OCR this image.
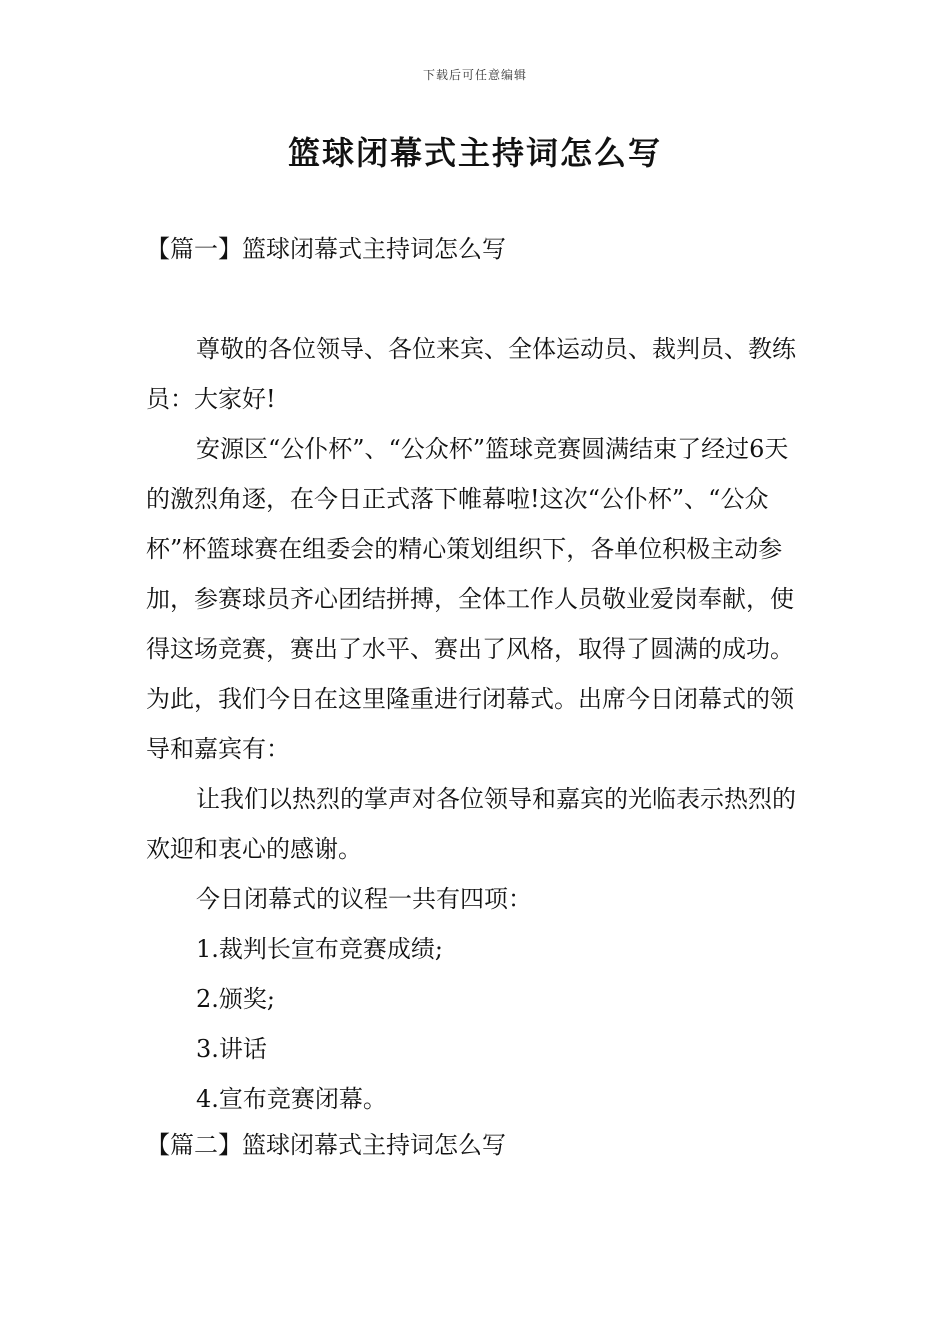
下载后可任意编辑
篮球闭幕式主持词怎么写
【篇一】篮球闭幕式主持词怎么写

尊敬的各位领导、各位来宾、全体运动员、裁判员、教练员：大家好!

安源区“公仆杯”、“公众杯”篮球竞赛圆满结束了经过6天的激烈角逐，在今日正式落下帷幕啦!这次“公仆杯”、“公众杯”杯篮球赛在组委会的精心策划组织下，各单位积极主动参加，参赛球员齐心团结拼搏，全体工作人员敬业爱岗奉献，使得这场竞赛，赛出了水平、赛出了风格，取得了圆满的成功。为此，我们今日在这里隆重进行闭幕式。出席今日闭幕式的领导和嘉宾有：

让我们以热烈的掌声对各位领导和嘉宾的光临表示热烈的欢迎和衷心的感谢。

今日闭幕式的议程一共有四项：

1.裁判长宣布竞赛成绩;

2.颁奖;

3.讲话

4.宣布竞赛闭幕。

【篇二】篮球闭幕式主持词怎么写
